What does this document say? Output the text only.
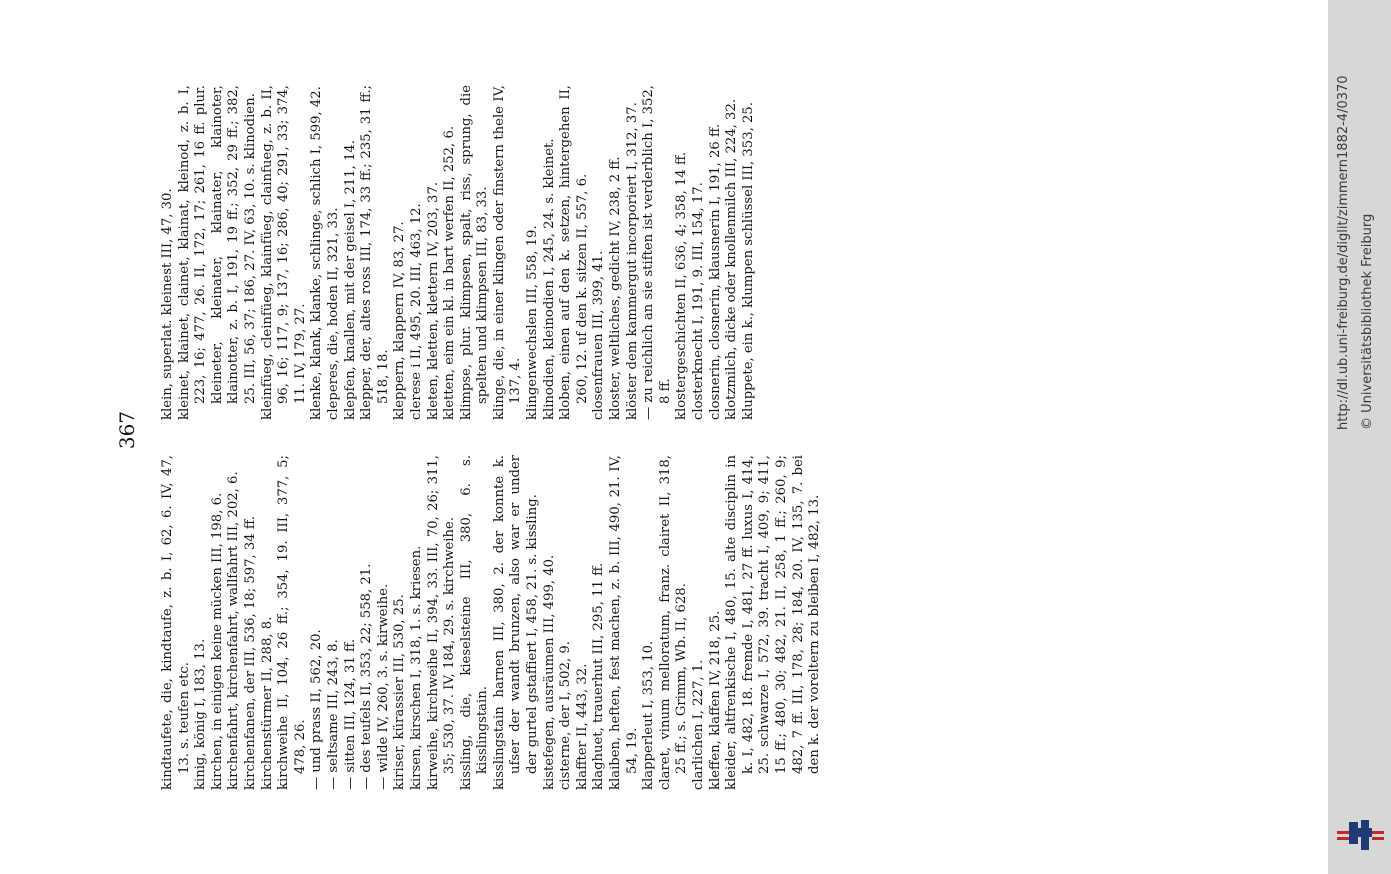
367

kindtaufete, die, kindtaufe, z. b. I, 62, 6. IV, 47, 13. s. teufen etc. kinig, könig I, 183, 13. kirchen, in einigen keine mücken III, 198, 6. kirchenfahrt, kirchenfahrt, wallfahrt III, 202, 6. kirchenfanen, der III, 536, 18; 597, 34 ff. kirchenstürmer II, 288, 8. kirchweihe II, 104, 26 ff.; 354, 19. III, 377, 5; 478, 26. — und prass II, 562, 20. — seltsame III, 243, 8. — sitten III, 124, 31 ff. — des teufels II, 353, 22; 558, 21. — wilde IV, 260, 3. s. kirweihe. kiriser, kürassier III, 530, 25. kirsen, kirschen I, 318, 1. s. kriesen. kirweihe, kirchweihe II, 394, 33. III, 70, 26; 311, 35; 530, 37. IV, 184, 29. s. kirchweihe. kissling, die, kieselsteine III, 380, 6. s. kisslingstain. kisslingstain harnen III, 380, 2. der konnte k. ufser der wandt brunzen, also war er under der gurtel gstaffiert I, 458, 21. s. kissling. kistefegen, ausräumen III, 499, 40. cisterne, der I, 502, 9. klaffter II, 443, 32. klaghuet, trauerhut III, 295, 11 ff. klaiben, heften, fest machen, z. b. III, 490, 21. IV, 54, 19. klapperleut I, 353, 10. claret, vinum melloratum, franz. clairet II, 318, 25 ff.; s. Grimm, Wb. II, 628. clarlichen I, 227, 1. kleffen, klaffen IV, 218, 25. kleider, altfrenkische I, 480, 15. alte disciplin in k. I, 482, 18. fremde I, 481, 27 ff. luxus I, 414, 25. schwarze I, 572, 39. tracht I, 409, 9; 411, 15 ff.; 480, 30; 482, 21. II, 258, 1 ff.; 260, 9; 482, 7 ff. III, 178, 28; 184, 20. IV, 135, 7. bei den k. der voreltern zu bleiben I, 482, 13.

klein, superlat. kleinest III, 47, 30. kleinet, klainet, clainet, klainat, kleinod, z. b. I, 223, 16; 477, 26. II, 172, 17; 261, 16 ff. plur. kleineter, kleinater, klainater, klainoter, klainotter, z. b. I, 191, 19 ff.; 352, 29 ff.; 382, 25. III, 56, 37; 186, 27. IV, 63, 10. s. klinodien. kleinfüeg, cleinfüeg, klainfüeg, clainfueg, z. b. II, 96, 16; 117, 9; 137, 16; 286, 40; 291, 33; 374, 11. IV, 179, 27. klenke, klank, klanke, schlinge, schlich I, 599, 42. cleperes, die, hoden II, 321, 33. klepfen, knallen, mit der geisel I, 211, 14. klepper, der, altes ross III, 174, 33 ff.; 235, 31 ff.; 518, 18. kleppern, klappern IV, 83, 27. clerese i II, 495, 20. III, 463, 12. kleten, kletten, klettern IV, 203, 37. kletten, eim ein kl. in bart werfen II, 252, 6. klimpse, plur. klimpsen, spalt, riss, sprung, die spelten und klimpsen III, 83, 33. klinge, die, in einer klingen oder finstern thele IV, 137, 4. klingenwechslen III, 558, 19. klinodien, kleinodien I, 245, 24. s. kleinet. kloben, einen auf den k. setzen, hintergehen II, 260, 12. uf den k. sitzen II, 557, 6. closenfrauen III, 399, 41. kloster, weltliches, gedicht IV, 238, 2 ff. klöster dem kammergut incorporiert I, 312, 37. — zu reichlich an sie stiften ist verderblich I, 352, 8 ff. klostergeschichten II, 636, 4; 358, 14 ff. closterknecht I, 191, 9. III, 154, 17. closnerin, closnerin, klausnerin I, 191, 26 ff. klotzmilch, dicke oder knollenmilch III, 224, 32. kluppete, ein k., klumpen schlüssel III, 353, 25.	http://dl.ub.uni-freiburg.de/diglit/zimmern1882-4/0370 © Universitätsbibliothek Freiburg
